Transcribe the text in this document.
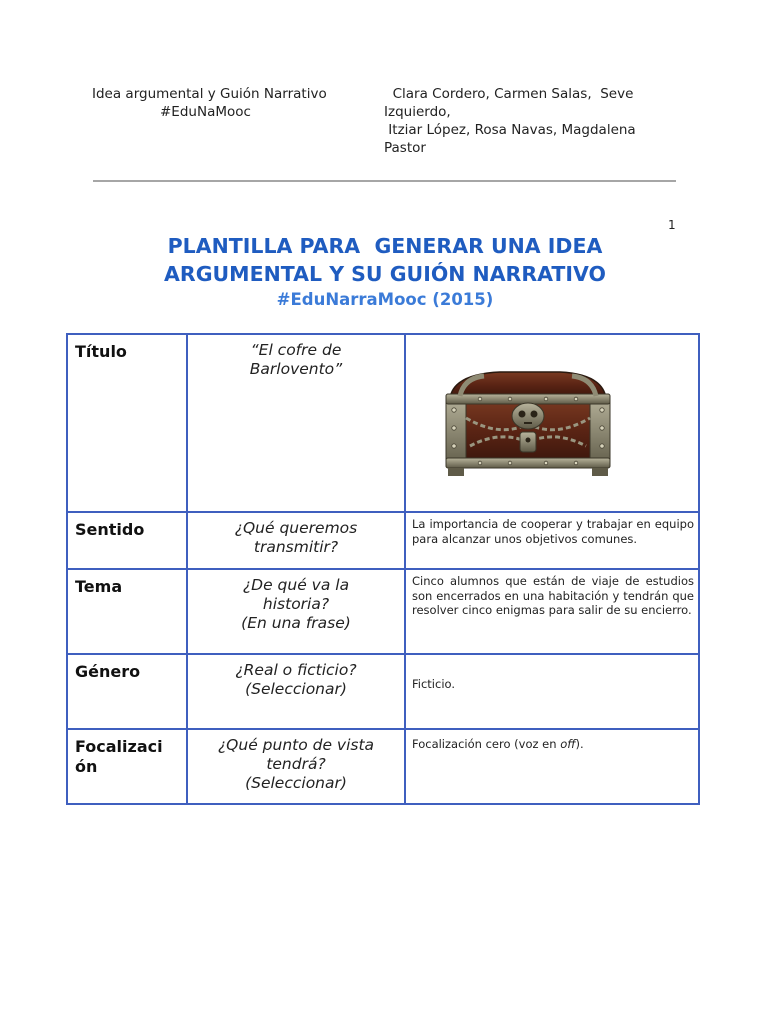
Idea argumental y Guión Narrativo
#EduNaMooc
Clara Cordero, Carmen Salas,  Seve
Izquierdo,
Itziar López, Rosa Navas, Magdalena
Pastor
1
PLANTILLA PARA  GENERAR UNA IDEA
ARGUMENTAL Y SU GUIÓN NARRATIVO
#EduNarraMooc (2015)
Título	“El cofre de
Barlovento”

Sentido	¿Qué queremos
transmitir?	La importancia de cooperar y trabajar en equipo para alcanzar unos objetivos comunes.

Tema	¿De qué va la
historia?
(En una frase)	Cinco alumnos que están de viaje de estudios son encerrados en una habitación y tendrán que resolver cinco enigmas para salir de su encierro.

Género	¿Real o ficticio?
(Seleccionar)	Ficticio.

Focalizaci
ón	¿Qué punto de vista
tendrá?
(Seleccionar)	Focalización cero (voz en off).
